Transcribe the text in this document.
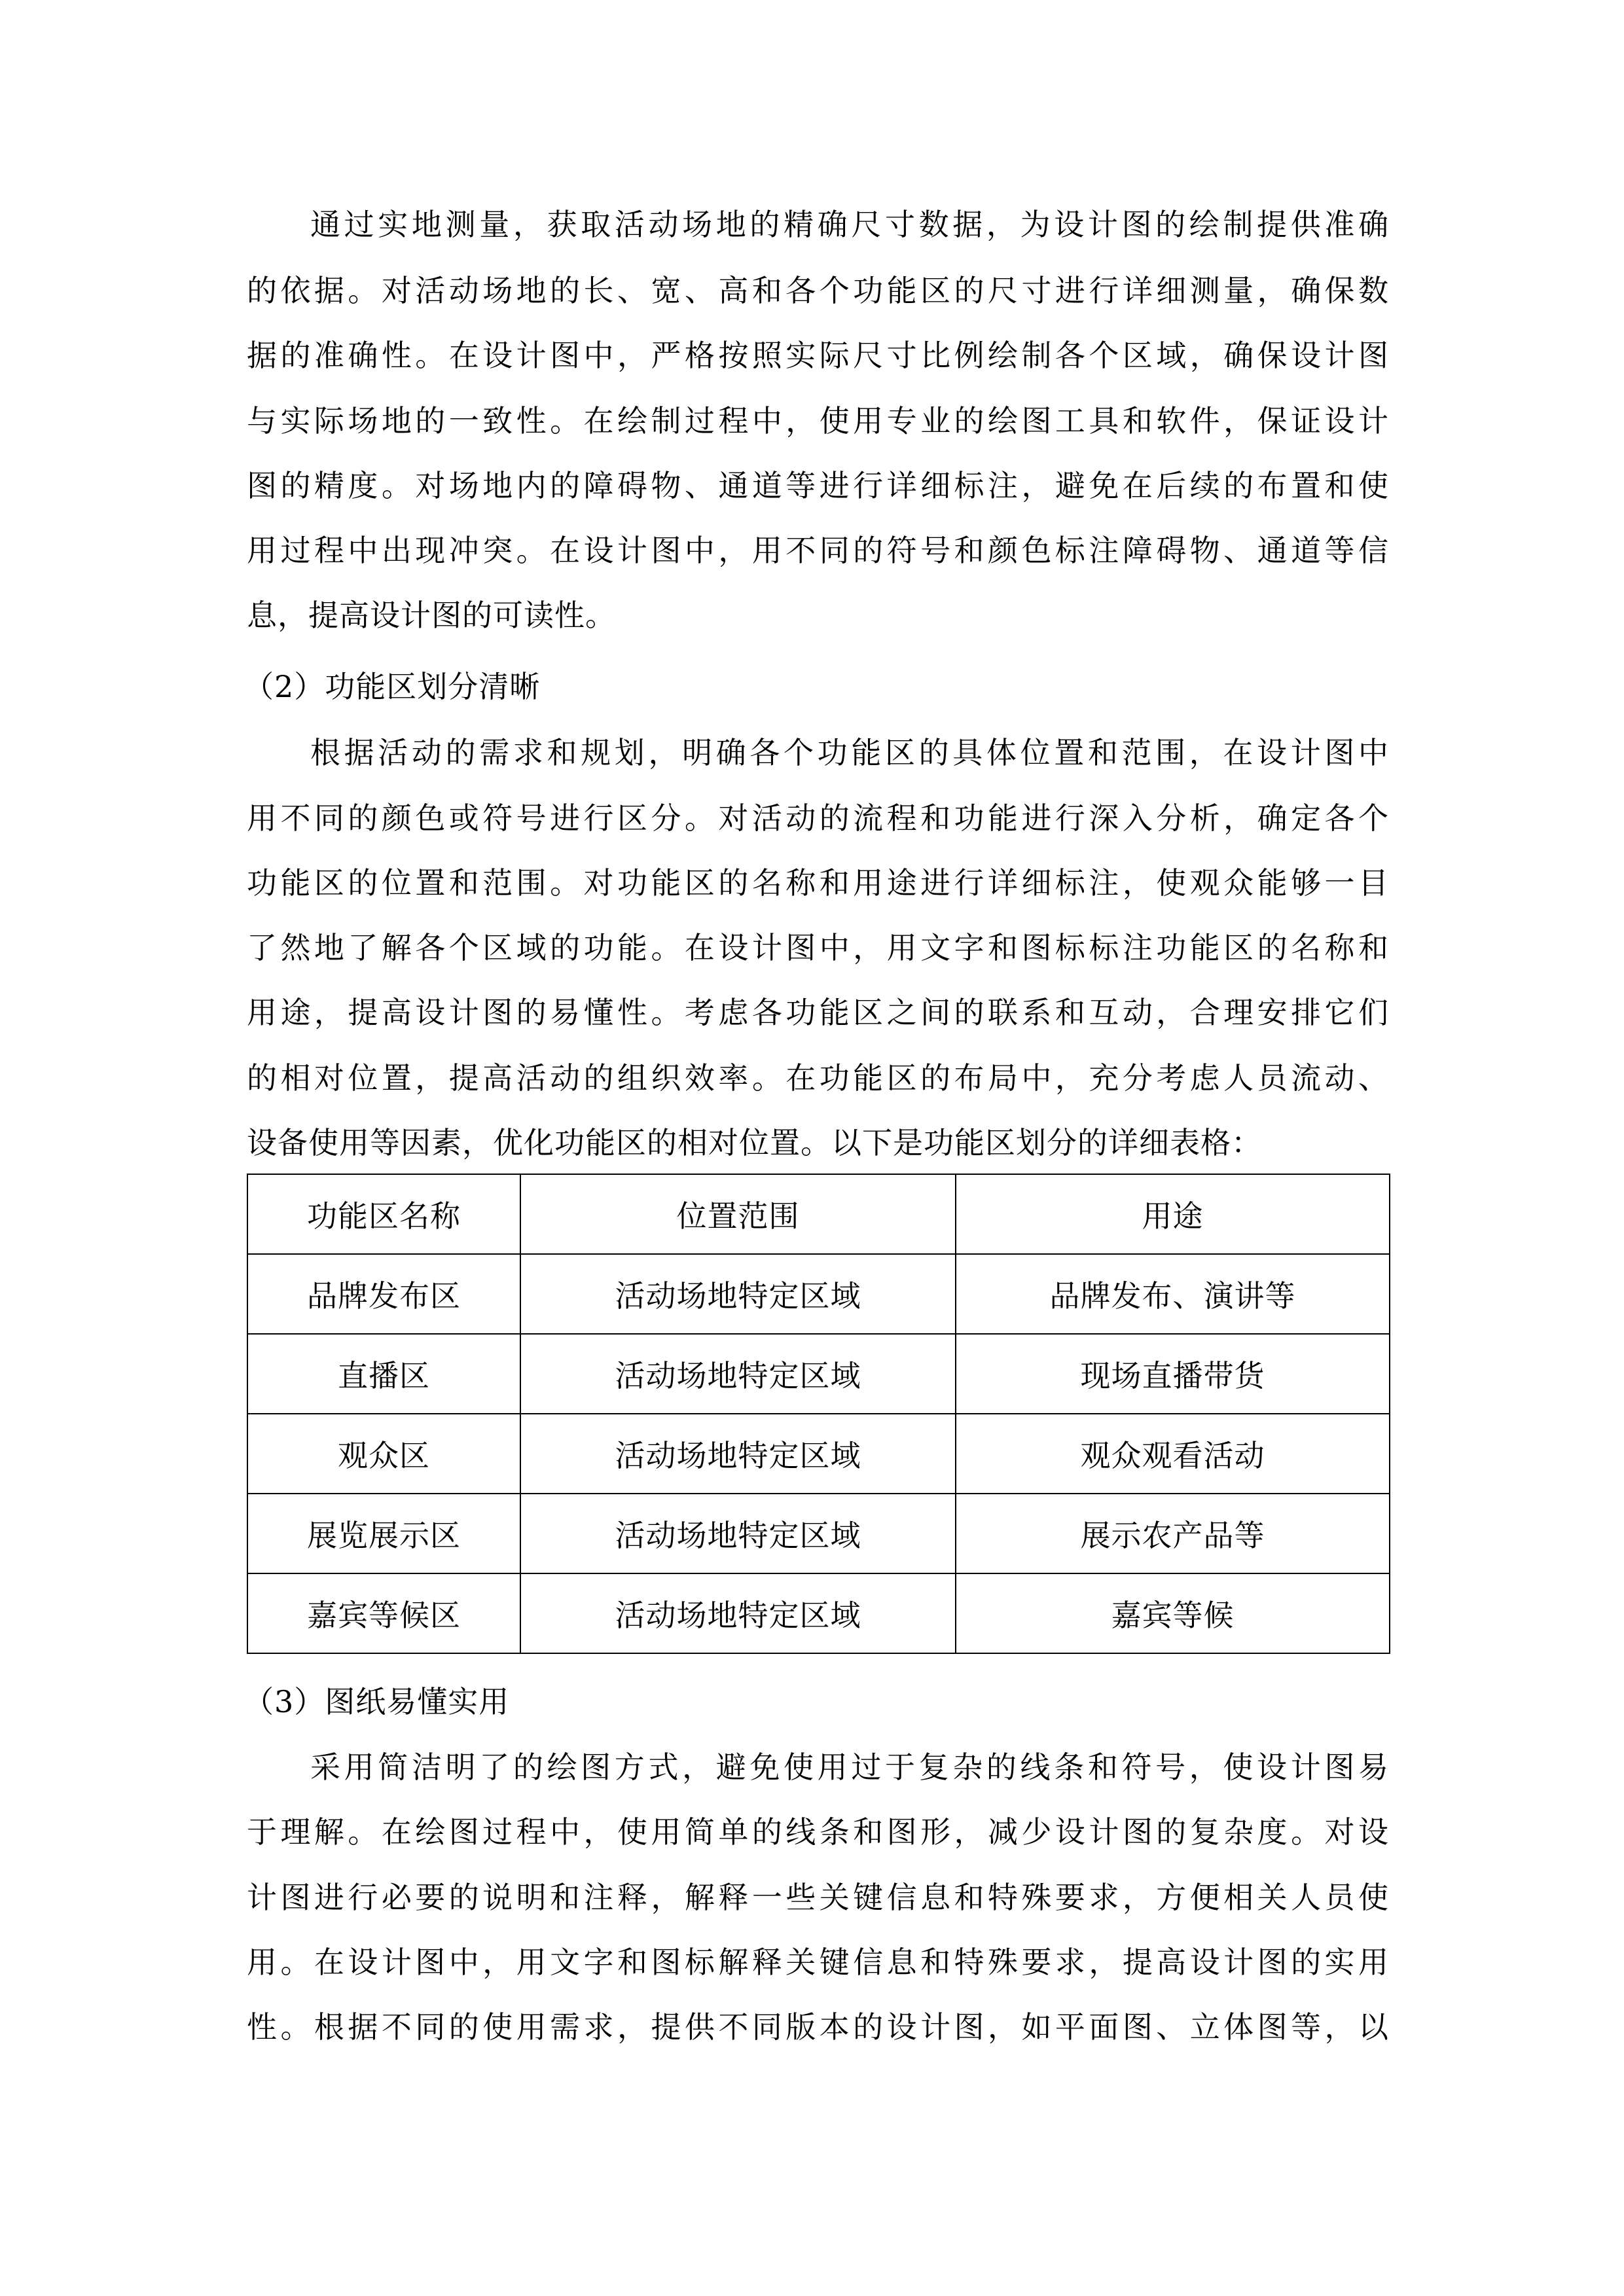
通过实地测量，获取活动场地的精确尺寸数据，为设计图的绘制提供准确
的依据。对活动场地的长、宽、高和各个功能区的尺寸进行详细测量，确保数
据的准确性。在设计图中，严格按照实际尺寸比例绘制各个区域，确保设计图
与实际场地的一致性。在绘制过程中，使用专业的绘图工具和软件，保证设计
图的精度。对场地内的障碍物、通道等进行详细标注，避免在后续的布置和使
用过程中出现冲突。在设计图中，用不同的符号和颜色标注障碍物、通道等信
息，提高设计图的可读性。
（2）功能区划分清晰
根据活动的需求和规划，明确各个功能区的具体位置和范围，在设计图中
用不同的颜色或符号进行区分。对活动的流程和功能进行深入分析，确定各个
功能区的位置和范围。对功能区的名称和用途进行详细标注，使观众能够一目
了然地了解各个区域的功能。在设计图中，用文字和图标标注功能区的名称和
用途，提高设计图的易懂性。考虑各功能区之间的联系和互动，合理安排它们
的相对位置，提高活动的组织效率。在功能区的布局中，充分考虑人员流动、
设备使用等因素，优化功能区的相对位置。以下是功能区划分的详细表格：
功能区名称	位置范围	用途
品牌发布区	活动场地特定区域	品牌发布、演讲等
直播区	活动场地特定区域	现场直播带货
观众区	活动场地特定区域	观众观看活动
展览展示区	活动场地特定区域	展示农产品等
嘉宾等候区	活动场地特定区域	嘉宾等候
（3）图纸易懂实用
采用简洁明了的绘图方式，避免使用过于复杂的线条和符号，使设计图易
于理解。在绘图过程中，使用简单的线条和图形，减少设计图的复杂度。对设
计图进行必要的说明和注释，解释一些关键信息和特殊要求，方便相关人员使
用。在设计图中，用文字和图标解释关键信息和特殊要求，提高设计图的实用
性。根据不同的使用需求，提供不同版本的设计图，如平面图、立体图等，以
